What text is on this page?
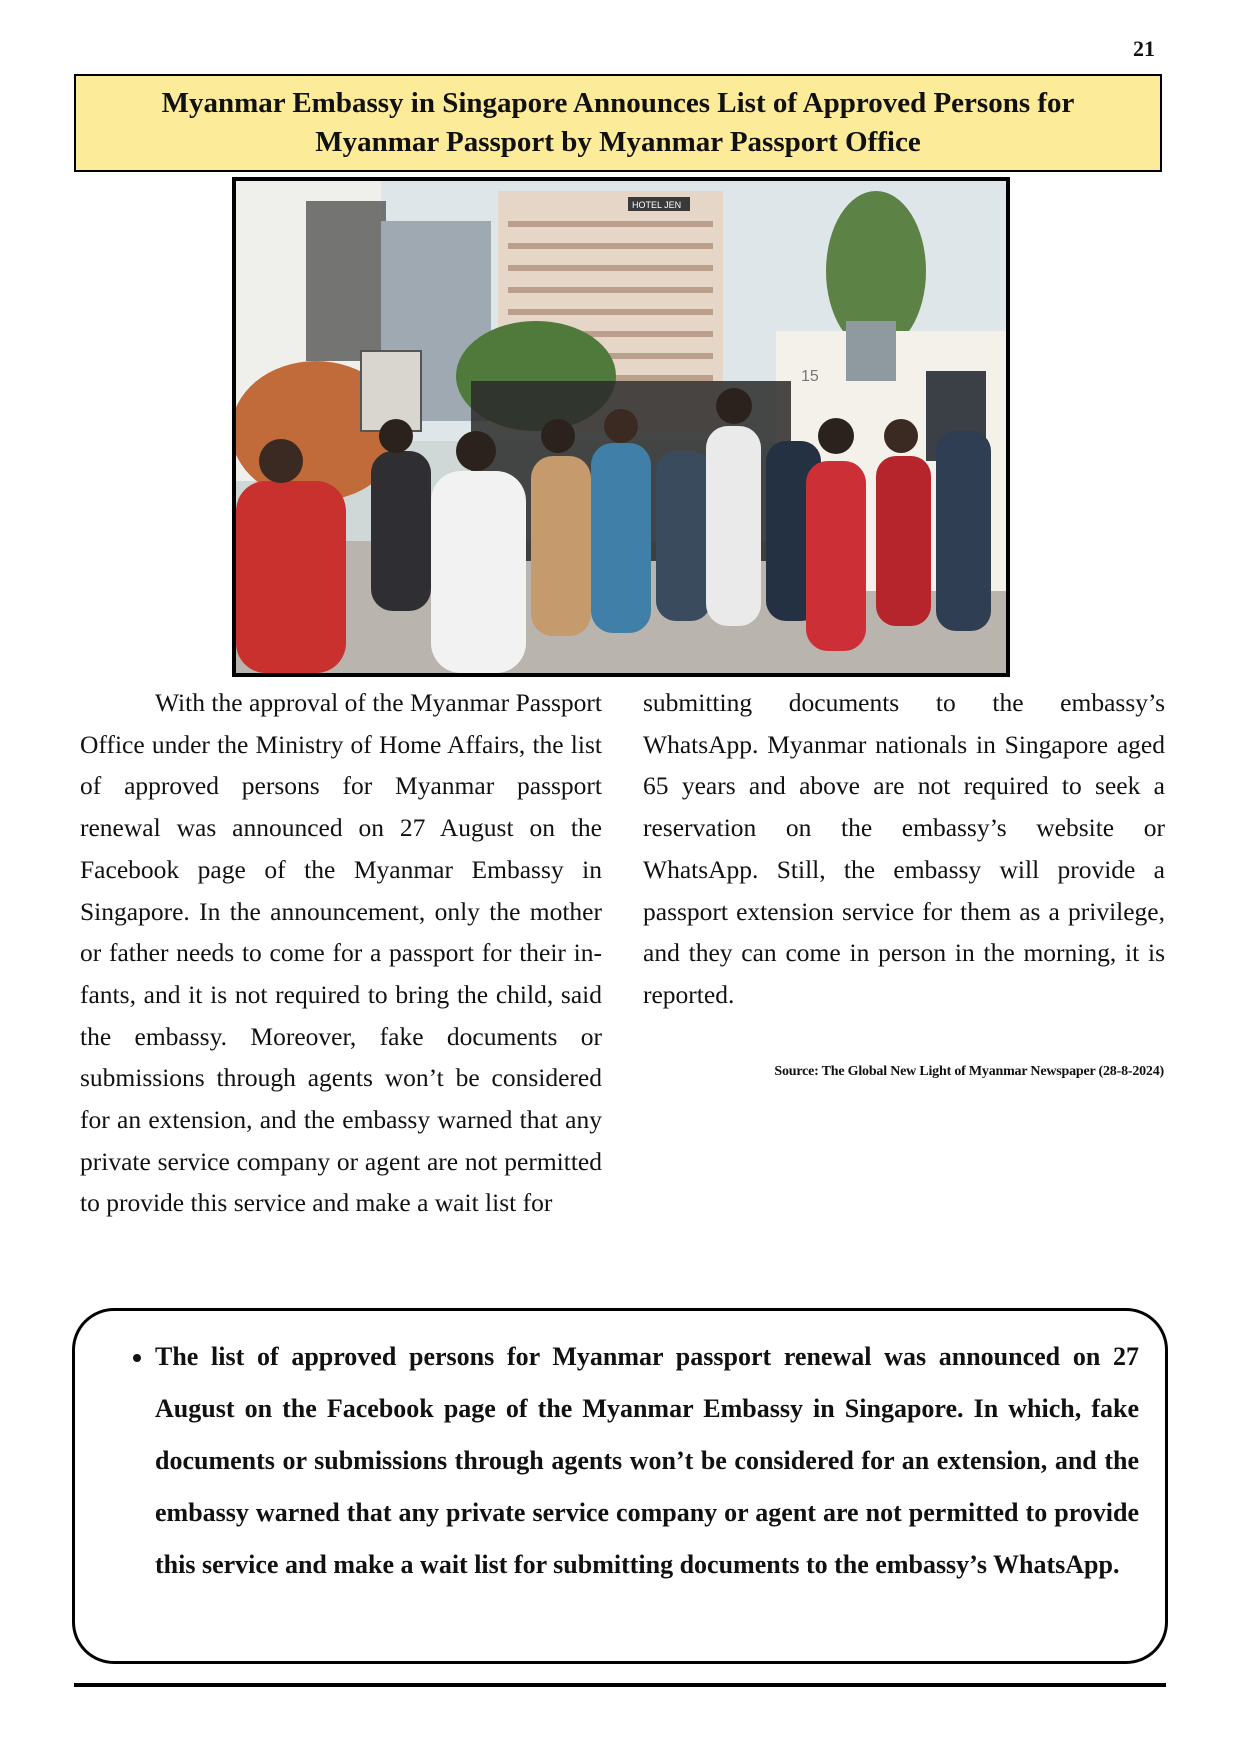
21
Myanmar Embassy in Singapore Announces List of Approved Persons for
Myanmar Passport by Myanmar Passport Office
HOTEL JEN
15

With the approval of the Myanmar Passport Office under the Ministry of Home Affairs, the list of approved persons for Myanmar passport renewal was announced on 27 August on the Facebook page of the Myanmar Embassy in Singapore. In the announcement, only the mother or father needs to come for a passport for their infants, and it is not required to bring the child, said the embassy. Moreover, fake documents or submissions through agents won’t be considered for an extension, and the embassy warned that any private service company or agent are not permitted to provide this service and make a wait list for

submitting documents to the embassy’s WhatsApp. Myanmar nationals in Singapore aged 65 years and above are not required to seek a reservation on the embassy’s website or WhatsApp. Still, the embassy will provide a passport extension service for them as a privilege, and they can come in person in the morning, it is reported.

Source: The Global New Light of Myanmar Newspaper (28-8-2024)
• The list of approved persons for Myanmar passport renewal was announced on 27 August on the Facebook page of the Myanmar Embassy in Singapore. In which, fake documents or submissions through agents won’t be considered for an extension, and the embassy warned that any private service company or agent are not permitted to provide this service and make a wait list for submitting documents to the embassy’s WhatsApp.
